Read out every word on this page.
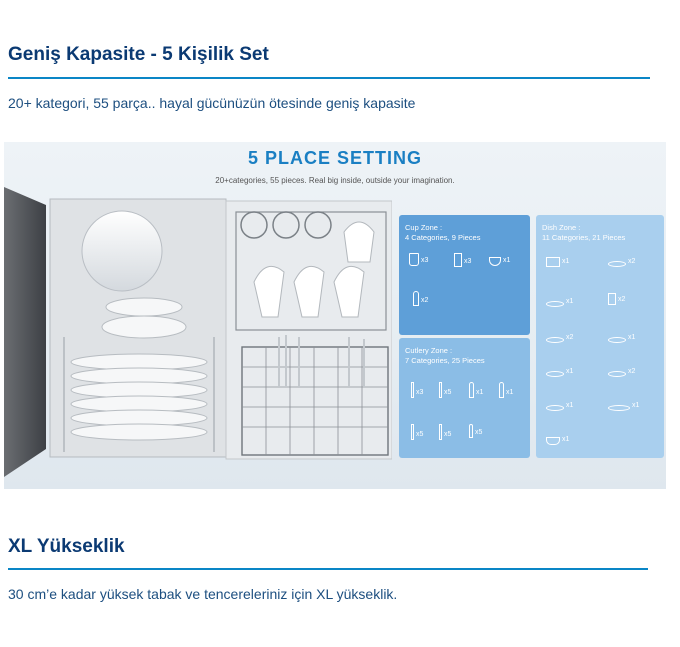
Geniş Kapasite - 5 Kişilik Set
20+ kategori, 55 parça.. hayal gücünüzün ötesinde geniş kapasite
5 PLACE SETTING
20+categories, 55 pieces. Real big inside, outside your imagination.
Cup Zone :
4 Categories, 9 Pieces
x3	x3	x1
x2
Cutlery Zone :
7 Categories, 25 Pieces
x3	x5	x1	x1
x5	x5	x5
Dish Zone :
11 Categories, 21 Pieces
x1	x2
x1	x2
x2	x1
x1	x2
x1	x1
x1
XL Yükseklik
30 cm’e kadar yüksek tabak ve tencereleriniz için XL yükseklik.
